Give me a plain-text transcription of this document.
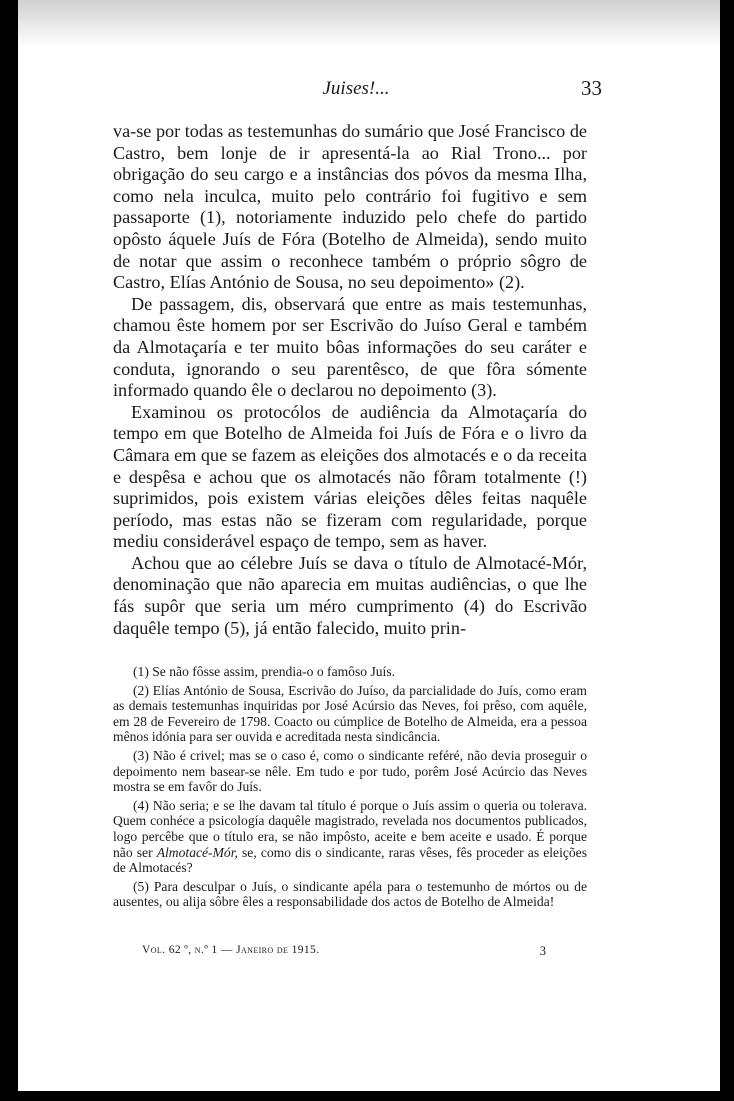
Juises!...	33

va-se por todas as testemunhas do sumário que José Francisco de Castro, bem lonje de ir apresentá-la ao Rial Trono... por obrigação do seu cargo e a instâncias dos póvos da mesma Ilha, como nela inculca, muito pelo contrário foi fugitivo e sem passaporte (1), notoriamente induzido pelo chefe do partido opôsto áquele Juís de Fóra (Botelho de Almeida), sendo muito de notar que assim o reconhece também o próprio sôgro de Castro, Elías António de Sousa, no seu depoimento» (2).

De passagem, dis, observará que entre as mais testemunhas, chamou êste homem por ser Escrivão do Juíso Geral e também da Almotaçaría e ter muito bôas informações do seu caráter e conduta, ignorando o seu parentêsco, de que fôra sómente informado quando êle o declarou no depoimento (3).

Examinou os protocólos de audiência da Almotaçaría do tempo em que Botelho de Almeida foi Juís de Fóra e o livro da Câmara em que se fazem as eleições dos almotacés e o da receita e despêsa e achou que os almotacés não fôram totalmente (!) suprimidos, pois existem várias eleições dêles feitas naquêle período, mas estas não se fizeram com regularidade, porque mediu considerável espaço de tempo, sem as haver.

Achou que ao célebre Juís se dava o título de Almotacé-Mór, denominação que não aparecia em muitas audiências, o que lhe fás supôr que seria um méro cumprimento (4) do Escrivão daquêle tempo (5), já então falecido, muito prin-

(1) Se não fôsse assim, prendia-o o famôso Juís.

(2) Elías António de Sousa, Escrivão do Juíso, da parcialidade do Juís, como eram as demais testemunhas inquiridas por José Acúrsio das Neves, foi prêso, com aquêle, em 28 de Fevereiro de 1798. Coacto ou cúmplice de Botelho de Almeida, era a pessoa mênos idónia para ser ouvida e acreditada nesta sindicância.

(3) Não é crivel; mas se o caso é, como o sindicante reféré, não devia proseguir o depoimento nem basear-se nêle. Em tudo e por tudo, porêm José Acúrcio das Neves mostra se em favôr do Juís.

(4) Não seria; e se lhe davam tal título é porque o Juís assim o queria ou tolerava. Quem conhéce a psicología daquêle magistrado, revelada nos documentos publicados, logo percêbe que o título era, se não impôsto, aceite e bem aceite e usado. É porque não ser Almotacé-Mór, se, como dis o sindicante, raras vêses, fês proceder as eleições de Almotacés?

(5) Para desculpar o Juís, o sindicante apéla para o testemunho de mórtos ou de ausentes, ou alija sôbre êles a responsabilidade dos actos de Botelho de Almeida!

Vol. 62 º, n.º 1 — Janeiro de 1915.	3
